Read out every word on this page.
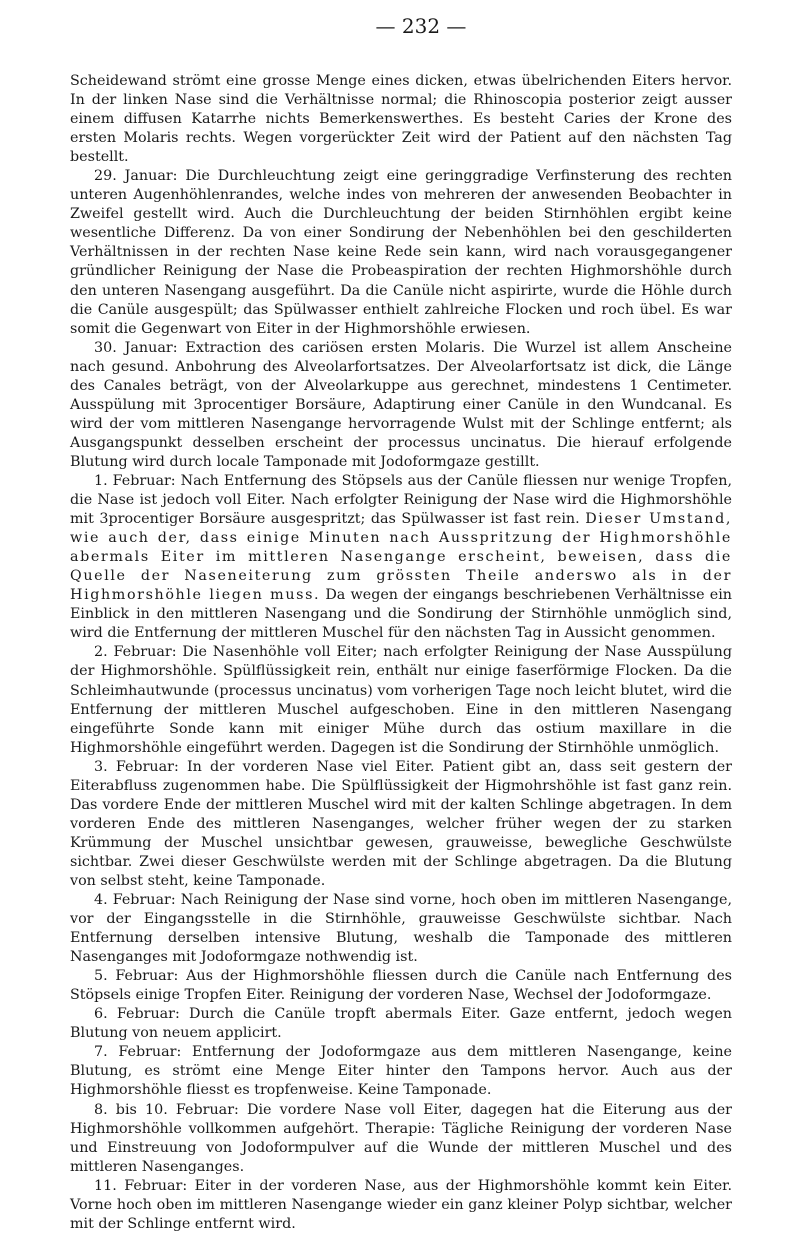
— 232 —

Scheidewand strömt eine grosse Menge eines dicken, etwas übelrichenden Eiters hervor. In der linken Nase sind die Verhältnisse normal; die Rhinoscopia posterior zeigt ausser einem diffusen Katarrhe nichts Bemerkenswerthes. Es besteht Caries der Krone des ersten Molaris rechts. Wegen vorgerückter Zeit wird der Patient auf den nächsten Tag bestellt.

29. Januar: Die Durchleuchtung zeigt eine geringgradige Verfinsterung des rechten unteren Augenhöhlenrandes, welche indes von mehreren der anwesenden Beobachter in Zweifel gestellt wird. Auch die Durchleuchtung der beiden Stirnhöhlen ergibt keine wesentliche Differenz. Da von einer Sondirung der Nebenhöhlen bei den geschilderten Verhältnissen in der rechten Nase keine Rede sein kann, wird nach vorausgegangener gründlicher Reinigung der Nase die Probeaspiration der rechten Highmorshöhle durch den unteren Nasengang ausgeführt. Da die Canüle nicht aspirirte, wurde die Höhle durch die Canüle ausgespült; das Spülwasser enthielt zahlreiche Flocken und roch übel. Es war somit die Gegenwart von Eiter in der Highmorshöhle erwiesen.

30. Januar: Extraction des cariösen ersten Molaris. Die Wurzel ist allem Anscheine nach gesund. Anbohrung des Alveolarfortsatzes. Der Alveolarfortsatz ist dick, die Länge des Canales beträgt, von der Alveolarkuppe aus gerechnet, mindestens 1 Centimeter. Ausspülung mit 3procentiger Borsäure, Adaptirung einer Canüle in den Wundcanal. Es wird der vom mittleren Nasengange hervorragende Wulst mit der Schlinge entfernt; als Ausgangspunkt desselben erscheint der processus uncinatus. Die hierauf erfolgende Blutung wird durch locale Tamponade mit Jodoformgaze gestillt.

1. Februar: Nach Entfernung des Stöpsels aus der Canüle fliessen nur wenige Tropfen, die Nase ist jedoch voll Eiter. Nach erfolgter Reinigung der Nase wird die Highmorshöhle mit 3procentiger Borsäure ausgespritzt; das Spülwasser ist fast rein. Dieser Umstand, wie auch der, dass einige Minuten nach Ausspritzung der Highmorshöhle abermals Eiter im mittleren Nasengange erscheint, beweisen, dass die Quelle der Naseneiterung zum grössten Theile anderswo als in der Highmorshöhle liegen muss. Da wegen der eingangs beschriebenen Verhältnisse ein Einblick in den mittleren Nasengang und die Sondirung der Stirnhöhle unmöglich sind, wird die Entfernung der mittleren Muschel für den nächsten Tag in Aussicht genommen.

2. Februar: Die Nasenhöhle voll Eiter; nach erfolgter Reinigung der Nase Ausspülung der Highmorshöhle. Spülflüssigkeit rein, enthält nur einige faserförmige Flocken. Da die Schleimhautwunde (processus uncinatus) vom vorherigen Tage noch leicht blutet, wird die Entfernung der mittleren Muschel aufgeschoben. Eine in den mittleren Nasengang eingeführte Sonde kann mit einiger Mühe durch das ostium maxillare in die Highmorshöhle eingeführt werden. Dagegen ist die Sondirung der Stirnhöhle unmöglich.

3. Februar: In der vorderen Nase viel Eiter. Patient gibt an, dass seit gestern der Eiterabfluss zugenommen habe. Die Spülflüssigkeit der Higmohrshöhle ist fast ganz rein. Das vordere Ende der mittleren Muschel wird mit der kalten Schlinge abgetragen. In dem vorderen Ende des mittleren Nasenganges, welcher früher wegen der zu starken Krümmung der Muschel unsichtbar gewesen, grauweisse, bewegliche Geschwülste sichtbar. Zwei dieser Geschwülste werden mit der Schlinge abgetragen. Da die Blutung von selbst steht, keine Tamponade.

4. Februar: Nach Reinigung der Nase sind vorne, hoch oben im mittleren Nasengange, vor der Eingangsstelle in die Stirnhöhle, grauweisse Geschwülste sichtbar. Nach Entfernung derselben intensive Blutung, weshalb die Tamponade des mittleren Nasenganges mit Jodoformgaze nothwendig ist.

5. Februar: Aus der Highmorshöhle fliessen durch die Canüle nach Entfernung des Stöpsels einige Tropfen Eiter. Reinigung der vorderen Nase, Wechsel der Jodoformgaze.

6. Februar: Durch die Canüle tropft abermals Eiter. Gaze entfernt, jedoch wegen Blutung von neuem applicirt.

7. Februar: Entfernung der Jodoformgaze aus dem mittleren Nasengange, keine Blutung, es strömt eine Menge Eiter hinter den Tampons hervor. Auch aus der Highmorshöhle fliesst es tropfenweise. Keine Tamponade.

8. bis 10. Februar: Die vordere Nase voll Eiter, dagegen hat die Eiterung aus der Highmorshöhle vollkommen aufgehört. Therapie: Tägliche Reinigung der vorderen Nase und Einstreuung von Jodoformpulver auf die Wunde der mittleren Muschel und des mittleren Nasenganges.

11. Februar: Eiter in der vorderen Nase, aus der Highmorshöhle kommt kein Eiter. Vorne hoch oben im mittleren Nasengange wieder ein ganz kleiner Polyp sichtbar, welcher mit der Schlinge entfernt wird.
